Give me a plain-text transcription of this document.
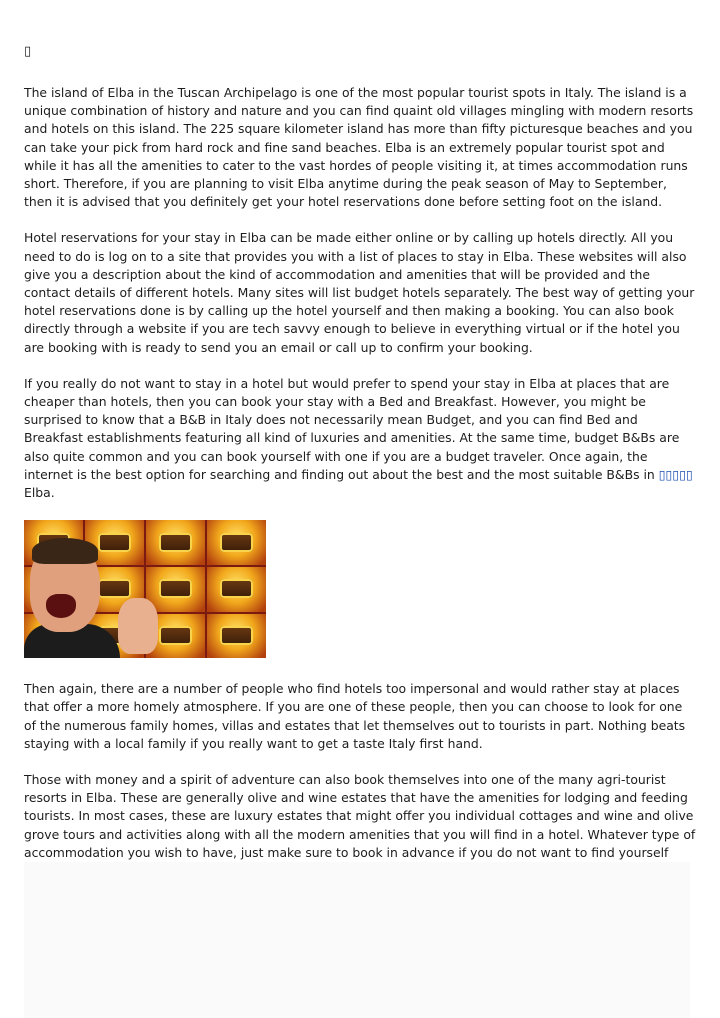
▯

The island of Elba in the Tuscan Archipelago is one of the most popular tourist spots in Italy. The island is a unique combination of history and nature and you can find quaint old villages mingling with modern resorts and hotels on this island. The 225 square kilometer island has more than fifty picturesque beaches and you can take your pick from hard rock and fine sand beaches. Elba is an extremely popular tourist spot and while it has all the amenities to cater to the vast hordes of people visiting it, at times accommodation runs short. Therefore, if you are planning to visit Elba anytime during the peak season of May to September, then it is advised that you definitely get your hotel reservations done before setting foot on the island.

Hotel reservations for your stay in Elba can be made either online or by calling up hotels directly. All you need to do is log on to a site that provides you with a list of places to stay in Elba. These websites will also give you a description about the kind of accommodation and amenities that will be provided and the contact details of different hotels. Many sites will list budget hotels separately. The best way of getting your hotel reservations done is by calling up the hotel yourself and then making a booking. You can also book directly through a website if you are tech savvy enough to believe in everything virtual or if the hotel you are booking with is ready to send you an email or call up to confirm your booking.

If you really do not want to stay in a hotel but would prefer to spend your stay in Elba at places that are cheaper than hotels, then you can book your stay with a Bed and Breakfast. However, you might be surprised to know that a B&B in Italy does not necessarily mean Budget, and you can find Bed and Breakfast establishments featuring all kind of luxuries and amenities. At the same time, budget B&Bs are also quite common and you can book yourself with one if you are a budget traveler. Once again, the internet is the best option for searching and finding out about the best and the most suitable B&Bs in ▯▯▯▯▯ Elba.

Then again, there are a number of people who find hotels too impersonal and would rather stay at places that offer a more homely atmosphere. If you are one of these people, then you can choose to look for one of the numerous family homes, villas and estates that let themselves out to tourists in part. Nothing beats staying with a local family if you really want to get a taste Italy first hand.

Those with money and a spirit of adventure can also book themselves into one of the many agri-tourist resorts in Elba. These are generally olive and wine estates that have the amenities for lodging and feeding tourists. In most cases, these are luxury estates that might offer you individual cottages and wine and olive grove tours and activities along with all the modern amenities that you will find in a hotel. Whatever type of accommodation you wish to have, just make sure to book in advance if you do not want to find yourself
